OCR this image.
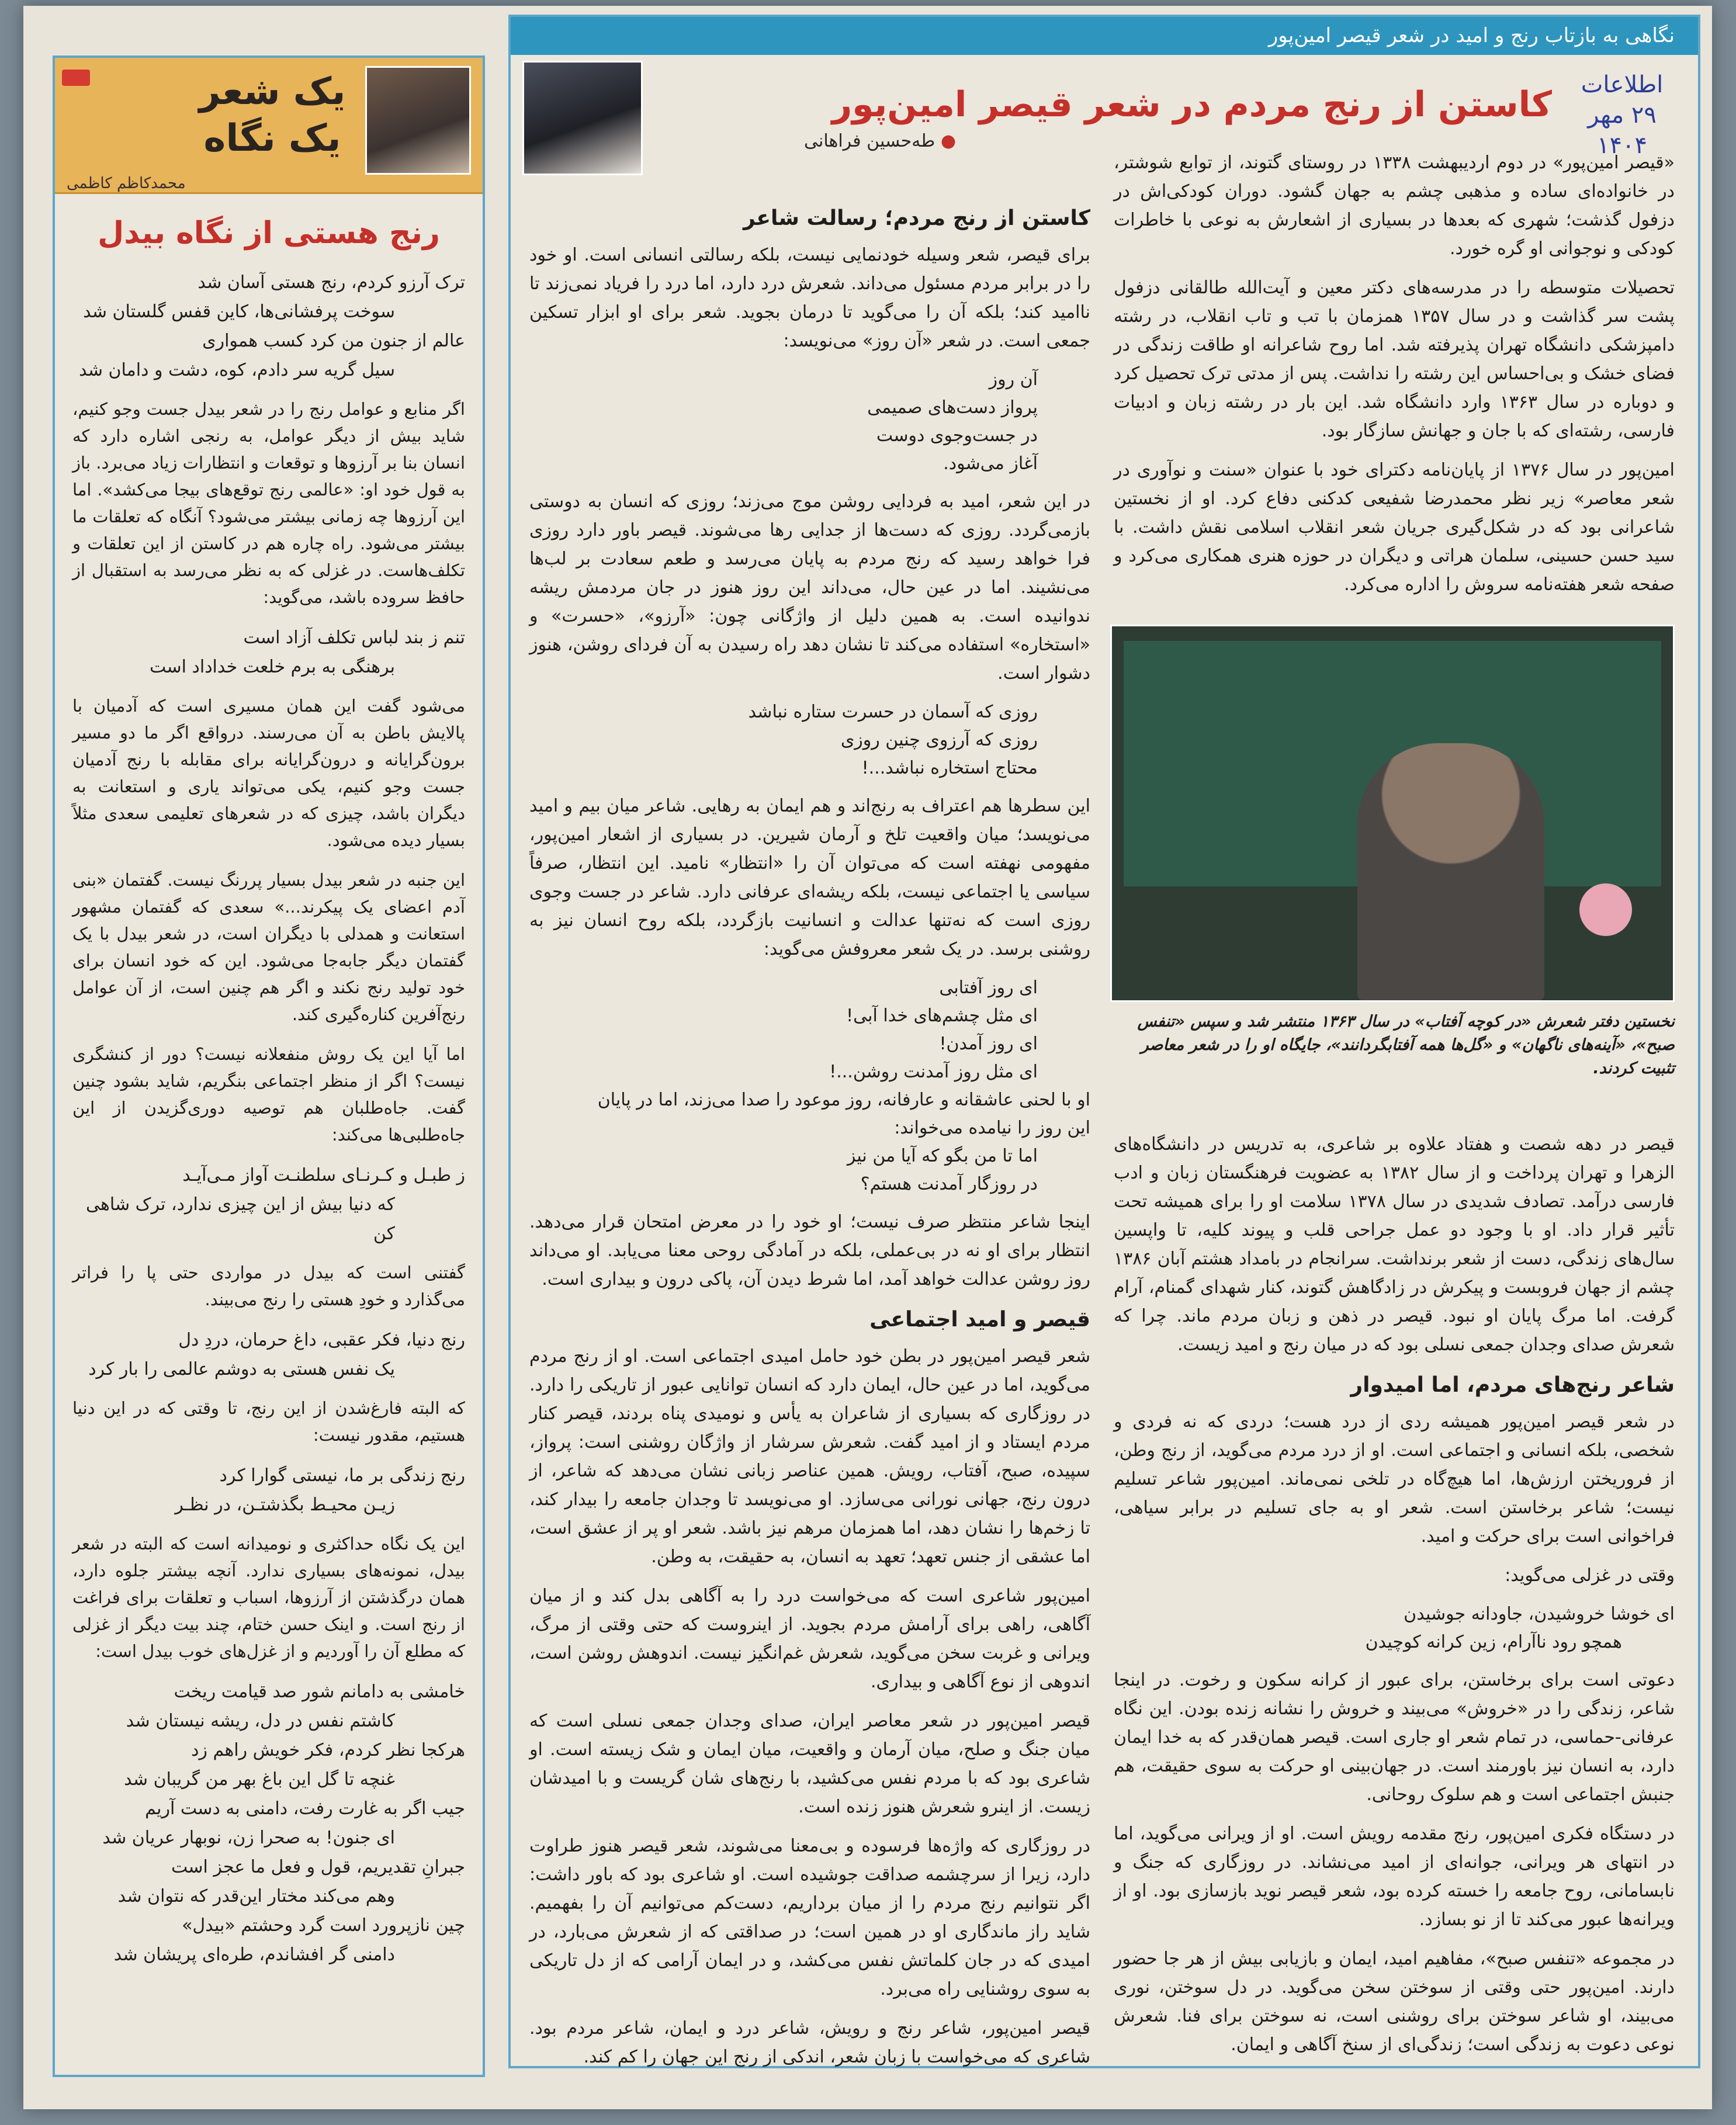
یک شعر
یک نگاه
محمدکاظم کاظمی
رنج هستی از نگاه بیدل
ترک آرزو کردم، رنج هستی آسان شد
سوخت پرفشانی‌ها، کاین قفس گلستان شد
عالم از جنون من کرد کسب همواری
سیل گریه سر دادم، کوه، دشت و دامان شد

اگر منابع و عوامل رنج را در شعر بیدل جست وجو کنیم، شاید بیش از دیگر عوامل، به رنجی اشاره دارد که انسان بنا بر آرزوها و توقعات و انتظارات زیاد می‌برد. باز به قول خود او: «عالمی رنج توقع‌های بیجا می‌کشد». اما این آرزوها چه زمانی بیشتر می‌شود؟ آنگاه که تعلقات ما بیشتر می‌شود. راه چاره هم در کاستن از این تعلقات و تکلف‌هاست. در غزلی که به نظر می‌رسد به استقبال از حافظ سروده باشد، می‌گوید:

تنم ز بند لباس تکلف آزاد است
برهنگی به برم خلعت خداداد است

می‌شود گفت این همان مسیری است که آدمیان با پالایش باطن به آن می‌رسند. درواقع اگر ما دو مسیر برون‌گرایانه و درون‌گرایانه برای مقابله با رنج آدمیان جست وجو کنیم، یکی می‌تواند یاری و استعانت به دیگران باشد، چیزی که در شعرهای تعلیمی سعدی مثلاً بسیار دیده می‌شود.

این جنبه در شعر بیدل بسیار پررنگ نیست. گفتمان «بنی آدم اعضای یک پیکرند...» سعدی که گفتمان مشهور استعانت و همدلی با دیگران است، در شعر بیدل با یک گفتمان دیگر جابه‌جا می‌شود. این که خود انسان برای خود تولید رنج نکند و اگر هم چنین است، از آن عوامل رنج‌آفرین کناره‌گیری کند.

اما آیا این یک روش منفعلانه نیست؟ دور از کنشگری نیست؟ اگر از منظر اجتماعی بنگریم، شاید بشود چنین گفت. جاه‌طلبان هم توصیه دوری‌گزیدن از این جاه‌طلبی‌ها می‌کند:

ز طبـل و کـرنـای سلطنـت آواز مـی‌آیـد
که دنیا بیش از این چیزی ندارد، ترک شاهی کن

گفتنی است که بیدل در مواردی حتی پا را فراتر می‌گذارد و خودِ هستی را رنج می‌بیند.

رنج دنیا، فکر عقبی، داغ حرمان، دردِ دل
یک نفس هستی به دوشم عالمی را بار کرد

که البته فارغ‌شدن از این رنج، تا وقتی که در این دنیا هستیم، مقدور نیست:

رنج زندگی بر ما، نیستی گوارا کرد
زیـن محیـط بگذشتـن، در نظـر

این یک نگاه حداکثری و نومیدانه است که البته در شعر بیدل، نمونه‌های بسیاری ندارد. آنچه بیشتر جلوه دارد، همان درگذشتن از آرزوها، اسباب و تعلقات برای فراغت از رنج است. و اینک حسن ختام، چند بیت دیگر از غزلی که مطلع آن را آوردیم و از غزل‌های خوب بیدل است:

خامشی به دامانم شور صد قیامت ریخت
کاشتم نفس در دل، ریشه نیستان شد
هرکجا نظر کردم، فکر خویش راهم زد
غنچه تا گل این باغ بهر من گریبان شد
جیب اگر به غارت رفت، دامنی به دست آریم
ای جنون! به صحرا زن، نوبهار عریان شد
جبرانِ تقدیریم، قول و فعل ما عجز است
وهم می‌کند مختار این‌قدر که نتوان شد
چین نازپرورد است گرد وحشتم «بیدل»
دامنی گر افشاندم، طره‌ای پریشان شد
نگاهی به بازتاب رنج و امید در شعر قیصر امین‌پور
اطلاعات
۲۹ مهر ۱۴۰۴
کاستن از رنج مردم در شعر قیصر امین‌پور
● طه‌حسین فراهانی

«قیصر امین‌پور» در دوم اردیبهشت ۱۳۳۸ در روستای گتوند، از توابع شوشتر، در خانواده‌ای ساده و مذهبی چشم به جهان گشود. دوران کودکی‌اش در دزفول گذشت؛ شهری که بعدها در بسیاری از اشعارش به نوعی با خاطرات کودکی و نوجوانی او گره خورد.

تحصیلات متوسطه را در مدرسه‌های دکتر معین و آیت‌الله طالقانی دزفول پشت سر گذاشت و در سال ۱۳۵۷ همزمان با تب و تاب انقلاب، در رشته دامپزشکی دانشگاه تهران پذیرفته شد. اما روح شاعرانه او طاقت زندگی در فضای خشک و بی‌احساس این رشته را نداشت. پس از مدتی ترک تحصیل کرد و دوباره در سال ۱۳۶۳ وارد دانشگاه شد. این بار در رشته زبان و ادبیات فارسی، رشته‌ای که با جان و جهانش سازگار بود.

امین‌پور در سال ۱۳۷۶ از پایان‌نامه دکترای خود با عنوان «سنت و نوآوری در شعر معاصر» زیر نظر محمدرضا شفیعی کدکنی دفاع کرد. او از نخستین شاعرانی بود که در شکل‌گیری جریان شعر انقلاب اسلامی نقش داشت. با سید حسن حسینی، سلمان هراتی و دیگران در حوزه هنری همکاری می‌کرد و صفحه شعر هفته‌نامه سروش را اداره می‌کرد.

نخستین دفتر شعرش «در کوچه آفتاب» در سال ۱۳۶۳ منتشر شد و سپس «تنفس صبح»، «آینه‌های ناگهان» و «گل‌ها همه آفتابگردانند»، جایگاه او را در شعر معاصر تثبیت کردند.

قیصر در دهه شصت و هفتاد علاوه بر شاعری، به تدریس در دانشگاه‌های الزهرا و تهران پرداخت و از سال ۱۳۸۲ به عضویت فرهنگستان زبان و ادب فارسی درآمد. تصادف شدیدی در سال ۱۳۷۸ سلامت او را برای همیشه تحت تأثیر قرار داد. او با وجود دو عمل جراحی قلب و پیوند کلیه، تا واپسین سال‌های زندگی، دست از شعر برنداشت. سرانجام در بامداد هشتم آبان ۱۳۸۶ چشم از جهان فروبست و پیکرش در زادگاهش گتوند، کنار شهدای گمنام، آرام گرفت. اما مرگ پایان او نبود. قیصر در ذهن و زبان مردم ماند. چرا که شعرش صدای وجدان جمعی نسلی بود که در میان رنج و امید زیست.

شاعر رنج‌های مردم، اما امیدوار

در شعر قیصر امین‌پور همیشه ردی از درد هست؛ دردی که نه فردی و شخصی، بلکه انسانی و اجتماعی است. او از درد مردم می‌گوید، از رنج وطن، از فروریختن ارزش‌ها، اما هیچ‌گاه در تلخی نمی‌ماند. امین‌پور شاعر تسلیم نیست؛ شاعر برخاستن است. شعر او به جای تسلیم در برابر سیاهی، فراخوانی است برای حرکت و امید.

وقتی در غزلی می‌گوید:

ای خوشا خروشیدن، جاودانه جوشیدن
همچو رود ناآرام، زین کرانه کوچیدن

دعوتی است برای برخاستن، برای عبور از کرانه سکون و رخوت. در اینجا شاعر، زندگی را در «خروش» می‌بیند و خروش را نشانه زنده بودن. این نگاه عرفانی-حماسی، در تمام شعر او جاری است. قیصر همان‌قدر که به خدا ایمان دارد، به انسان نیز باورمند است. در جهان‌بینی او حرکت به سوی حقیقت، هم جنبش اجتماعی است و هم سلوک روحانی.

در دستگاه فکری امین‌پور، رنج مقدمه رویش است. او از ویرانی می‌گوید، اما در انتهای هر ویرانی، جوانه‌ای از امید می‌نشاند. در روزگاری که جنگ و نابسامانی، روح جامعه را خسته کرده بود، شعر قیصر نوید بازسازی بود. او از ویرانه‌ها عبور می‌کند تا از نو بسازد.

در مجموعه «تنفس صبح»، مفاهیم امید، ایمان و بازیابی بیش از هر جا حضور دارند. امین‌پور حتی وقتی از سوختن سخن می‌گوید. در دل سوختن، نوری می‌بیند، او شاعر سوختن برای روشنی است، نه سوختن برای فنا. شعرش نوعی دعوت به زندگی است؛ زندگی‌ای از سنخ آگاهی و ایمان.

کاستن از رنج مردم؛ رسالت شاعر

برای قیصر، شعر وسیله خودنمایی نیست، بلکه رسالتی انسانی است. او خود را در برابر مردم مسئول می‌داند. شعرش درد دارد، اما درد را فریاد نمی‌زند تا ناامید کند؛ بلکه آن را می‌گوید تا درمان بجوید. شعر برای او ابزار تسکین جمعی است. در شعر «آن روز» می‌نویسد:

آن روز
پرواز دست‌های صمیمی
در جست‌وجوی دوست
آغاز می‌شود.

در این شعر، امید به فردایی روشن موج می‌زند؛ روزی که انسان به دوستی بازمی‌گردد. روزی که دست‌ها از جدایی رها می‌شوند. قیصر باور دارد روزی فرا خواهد رسید که رنج مردم به پایان می‌رسد و طعم سعادت بر لب‌ها می‌نشیند. اما در عین حال، می‌داند این روز هنوز در جان مردمش ریشه ندوانیده است. به همین دلیل از واژگانی چون: «آرزو»، «حسرت» و «استخاره» استفاده می‌کند تا نشان دهد راه رسیدن به آن فردای روشن، هنوز دشوار است.

روزی که آسمان در حسرت ستاره نباشد
روزی که آرزوی چنین روزی
محتاج استخاره نباشد...!

این سطرها هم اعتراف به رنج‌اند و هم ایمان به رهایی. شاعر میان بیم و امید می‌نویسد؛ میان واقعیت تلخ و آرمان شیرین. در بسیاری از اشعار امین‌پور، مفهومی نهفته است که می‌توان آن را «انتظار» نامید. این انتظار، صرفاً سیاسی یا اجتماعی نیست، بلکه ریشه‌ای عرفانی دارد. شاعر در جست وجوی روزی است که نه‌تنها عدالت و انسانیت بازگردد، بلکه روح انسان نیز به روشنی برسد. در یک شعر معروفش می‌گوید:

ای روز آفتابی
ای مثل چشم‌های خدا آبی!
ای روز آمدن!
ای مثل روز آمدنت روشن...!
او با لحنی عاشقانه و عارفانه، روز موعود را صدا می‌زند، اما در پایان
این روز را نیامده می‌خواند:
اما تا من بگو که آیا من نیز
در روزگار آمدنت هستم؟

اینجا شاعر منتظر صرف نیست؛ او خود را در معرض امتحان قرار می‌دهد. انتظار برای او نه در بی‌عملی، بلکه در آمادگی روحی معنا می‌یابد. او می‌داند روز روشن عدالت خواهد آمد، اما شرط دیدن آن، پاکی درون و بیداری است.

قیصر و امید اجتماعی

شعر قیصر امین‌پور در بطن خود حامل امیدی اجتماعی است. او از رنج مردم می‌گوید، اما در عین حال، ایمان دارد که انسان توانایی عبور از تاریکی را دارد. در روزگاری که بسیاری از شاعران به یأس و نومیدی پناه بردند، قیصر کنار مردم ایستاد و از امید گفت. شعرش سرشار از واژگان روشنی است: پرواز، سپیده، صبح، آفتاب، رویش. همین عناصر زبانی نشان می‌دهد که شاعر، از درون رنج، جهانی نورانی می‌سازد. او می‌نویسد تا وجدان جامعه را بیدار کند، تا زخم‌ها را نشان دهد، اما همزمان مرهم نیز باشد. شعر او پر از عشق است، اما عشقی از جنس تعهد؛ تعهد به انسان، به حقیقت، به وطن.

امین‌پور شاعری است که می‌خواست درد را به آگاهی بدل کند و از میان آگاهی، راهی برای آرامش مردم بجوید. از اینروست که حتی وقتی از مرگ، ویرانی و غربت سخن می‌گوید، شعرش غم‌انگیز نیست. اندوهش روشن است، اندوهی از نوع آگاهی و بیداری.

قیصر امین‌پور در شعر معاصر ایران، صدای وجدان جمعی نسلی است که میان جنگ و صلح، میان آرمان و واقعیت، میان ایمان و شک زیسته است. او شاعری بود که با مردم نفس می‌کشید، با رنج‌های شان گریست و با امیدشان زیست. از اینرو شعرش هنوز زنده است.

در روزگاری که واژه‌ها فرسوده و بی‌معنا می‌شوند، شعر قیصر هنوز طراوت دارد، زیرا از سرچشمه صداقت جوشیده است. او شاعری بود که باور داشت: اگر نتوانیم رنج مردم را از میان برداریم، دست‌کم می‌توانیم آن را بفهمیم. شاید راز ماندگاری او در همین است؛ در صداقتی که از شعرش می‌بارد، در امیدی که در جان کلماتش نفس می‌کشد، و در ایمان آرامی که از دل تاریکی به سوی روشنایی راه می‌برد.

قیصر امین‌پور، شاعر رنج و رویش، شاعر درد و ایمان، شاعر مردم بود. شاعری که می‌خواست با زبان شعر، اندکی از رنج این جهان را کم کند.
